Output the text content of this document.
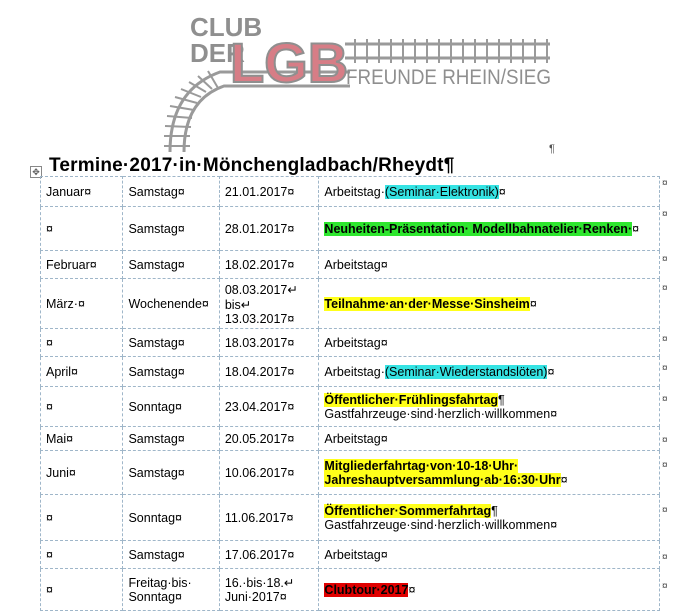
CLUB
DER
LGB
FREUNDE RHEIN/SIEG
¶
✥ Termine·2017·in·Mönchengladbach/Rheydt¶
Januar¤	Samstag¤	21.01.2017¤	Arbeitstag·(Seminar·Elektronik)¤
¤	Samstag¤	28.01.2017¤	Neuheiten-Präsentation· Modellbahnatelier·Renken·¤
Februar¤	Samstag¤	18.02.2017¤	Arbeitstag¤
März·¤	Wochenende¤	08.03.2017↵
bis↵
13.03.2017¤	Teilnahme·an·der·Messe·Sinsheim¤
¤	Samstag¤	18.03.2017¤	Arbeitstag¤
April¤	Samstag¤	18.04.2017¤	Arbeitstag·(Seminar·Wiederstandslöten)¤
¤	Sonntag¤	23.04.2017¤	Öffentlicher·Frühlingsfahrtag¶
Gastfahrzeuge·sind·herzlich·willkommen¤
Mai¤	Samstag¤	20.05.2017¤	Arbeitstag¤
Juni¤	Samstag¤	10.06.2017¤	Mitgliederfahrtag·von·10-18·Uhr· Jahreshauptversammlung·ab·16:30·Uhr¤
¤	Sonntag¤	11.06.2017¤	Öffentlicher·Sommerfahrtag¶
Gastfahrzeuge·sind·herzlich·willkommen¤
¤	Samstag¤	17.06.2017¤	Arbeitstag¤
¤	Freitag·bis·
Sonntag¤	16.·bis·18.↵
Juni·2017¤	Clubtour·2017¤
¤
¤
¤
¤
¤
¤
¤
¤
¤
¤
¤
¤
